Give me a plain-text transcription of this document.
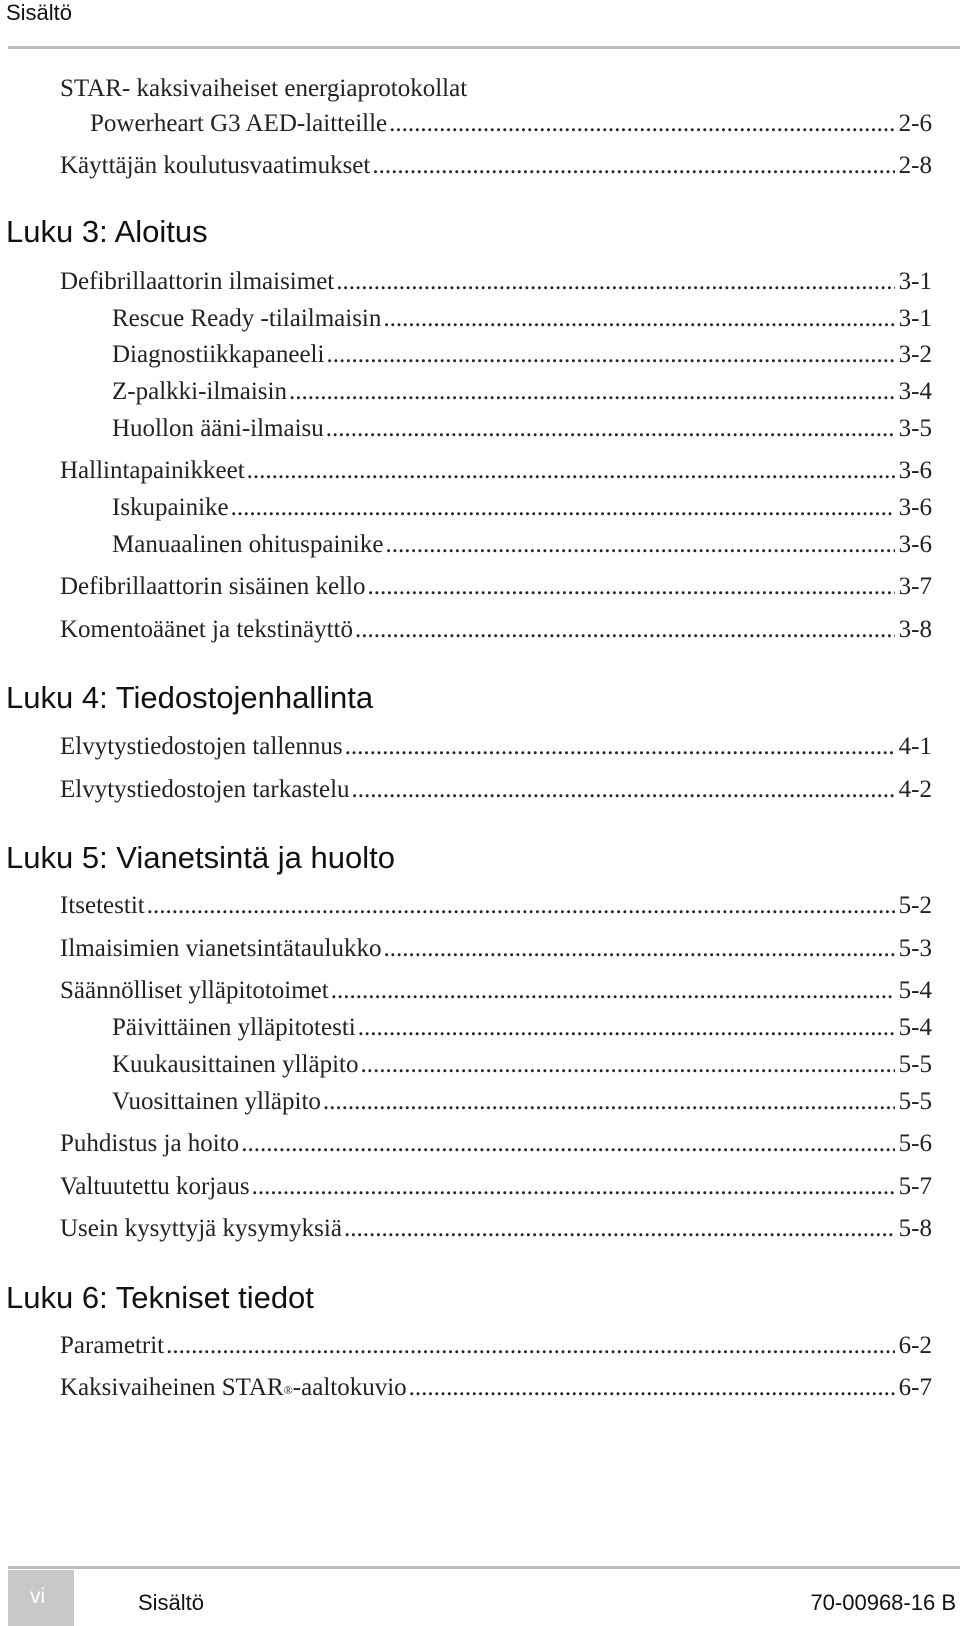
Sisältö
STAR- kaksivaiheiset energiaprotokollat
Powerheart G3 AED-laitteille .....	2-6
Käyttäjän koulutusvaatimukset .....	2-8
Luku 3: Aloitus
Defibrillaattorin ilmaisimet .....	3-1
Rescue Ready -tilailmaisin .....	3-1
Diagnostiikkapaneeli .....	3-2
Z-palkki-ilmaisin .....	3-4
Huollon ääni-ilmaisu .....	3-5
Hallintapainikkeet .....	3-6
Iskupainike .....	3-6
Manuaalinen ohituspainike .....	3-6
Defibrillaattorin sisäinen kello .....	3-7
Komentoäänet ja tekstinäyttö .....	3-8
Luku 4: Tiedostojenhallinta
Elvytystiedostojen tallennus .....	4-1
Elvytystiedostojen tarkastelu .....	4-2
Luku 5: Vianetsintä ja huolto
Itsetestit .....	5-2
Ilmaisimien vianetsintätaulukko .....	5-3
Säännölliset ylläpitotoimet .....	5-4
Päivittäinen ylläpitotesti .....	5-4
Kuukausittainen ylläpito .....	5-5
Vuosittainen ylläpito .....	5-5
Puhdistus ja hoito .....	5-6
Valtuutettu korjaus .....	5-7
Usein kysyttyjä kysymyksiä .....	5-8
Luku 6: Tekniset tiedot
Parametrit .....	6-2
Kaksivaiheinen STAR®-aaltokuvio .....	6-7
vi	Sisältö	70-00968-16 B
